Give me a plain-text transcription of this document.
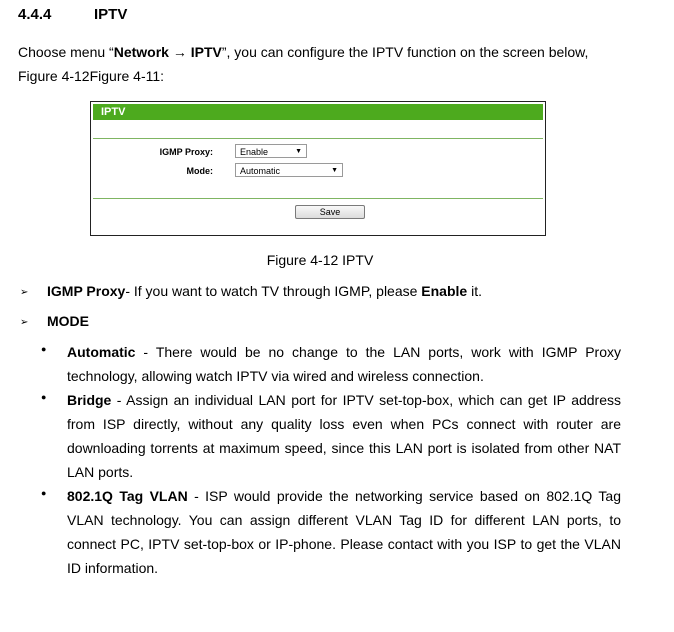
4.4.4	IPTV
Choose menu “Network → IPTV”, you can configure the IPTV function on the screen below,
Figure 4-12Figure 4-11:
IPTV
IGMP Proxy:	Enable	▼
Mode:	Automatic	▼
Save
Figure 4-12 IPTV
➢ IGMP Proxy- If you want to watch TV through IGMP, please Enable it.
➢ MODE
● Automatic - There would be no change to the LAN ports, work with IGMP Proxy technology, allowing watch IPTV via wired and wireless connection.
● Bridge - Assign an individual LAN port for IPTV set-top-box, which can get IP address from ISP directly, without any quality loss even when PCs connect with router are downloading torrents at maximum speed, since this LAN port is isolated from other NAT LAN ports.
● 802.1Q Tag VLAN - ISP would provide the networking service based on 802.1Q Tag VLAN technology. You can assign different VLAN Tag ID for different LAN ports, to connect PC, IPTV set-top-box or IP-phone. Please contact with you ISP to get the VLAN ID information.
